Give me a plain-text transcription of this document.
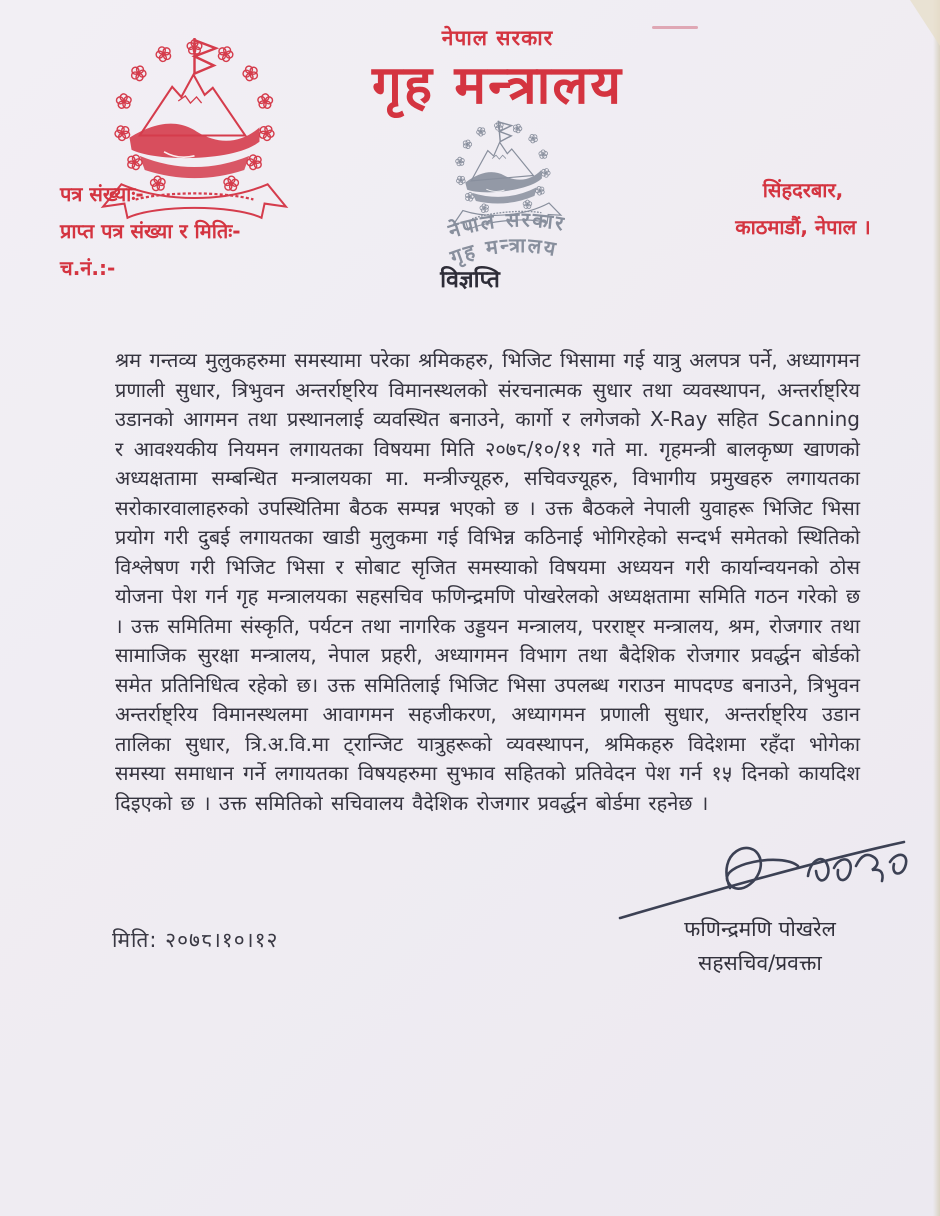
नेपाल सरकार
गृह मन्त्रालय
नेपाल सरकार
गृह मन्त्रालय
पत्र संख्याः-
प्राप्त पत्र संख्या र मितिः-
च.नं.:-
सिंहदरबार,
काठमाडौं, नेपाल ।
विज्ञप्ति

श्रम गन्तव्य मुलुकहरुमा समस्यामा परेका श्रमिकहरु, भिजिट भिसामा गई यात्रु अलपत्र पर्ने, अध्यागमन प्रणाली सुधार, त्रिभुवन अन्तर्राष्ट्रिय विमानस्थलको संरचनात्मक सुधार तथा व्यवस्थापन, अन्तर्राष्ट्रिय उडानको आगमन तथा प्रस्थानलाई व्यवस्थित बनाउने, कार्गो र लगेजको X-Ray सहित Scanning र आवश्यकीय नियमन लगायतका विषयमा मिति २०७८/१०/११ गते मा. गृहमन्त्री बालकृष्ण खाणको अध्यक्षतामा सम्बन्धित मन्त्रालयका मा. मन्त्रीज्यूहरु, सचिवज्यूहरु, विभागीय प्रमुखहरु लगायतका सरोकारवालाहरुको उपस्थितिमा बैठक सम्पन्न भएको छ । उक्त बैठकले नेपाली युवाहरू भिजिट भिसा प्रयोग गरी दुबई लगायतका खाडी मुलुकमा गई विभिन्न कठिनाई भोगिरहेको सन्दर्भ समेतको स्थितिको विश्लेषण गरी भिजिट भिसा र सोबाट सृजित समस्याको विषयमा अध्ययन गरी कार्यान्वयनको ठोस योजना पेश गर्न गृह मन्त्रालयका सहसचिव फणिन्द्रमणि पोखरेलको अध्यक्षतामा समिति गठन गरेको छ । उक्त समितिमा संस्कृति, पर्यटन तथा नागरिक उड्डयन मन्त्रालय, परराष्ट्र मन्त्रालय, श्रम, रोजगार तथा सामाजिक सुरक्षा मन्त्रालय, नेपाल प्रहरी, अध्यागमन विभाग तथा बैदेशिक रोजगार प्रवर्द्धन बोर्डको समेत प्रतिनिधित्व रहेको छ। उक्त समितिलाई भिजिट भिसा उपलब्ध गराउन मापदण्ड बनाउने, त्रिभुवन अन्तर्राष्ट्रिय विमानस्थलमा आवागमन सहजीकरण, अध्यागमन प्रणाली सुधार, अन्तर्राष्ट्रिय उडान तालिका सुधार, त्रि.अ.वि.मा ट्रान्जिट यात्रुहरूको व्यवस्थापन, श्रमिकहरु विदेशमा रहँदा भोगेका समस्या समाधान गर्ने लगायतका विषयहरुमा सुझाव सहितको प्रतिवेदन पेश गर्न १५ दिनको कायदिश दिइएको छ । उक्त समितिको सचिवालय वैदेशिक रोजगार प्रवर्द्धन बोर्डमा रहनेछ ।

मिति: २०७८।१०।१२	फणिन्द्रमणि पोखरेल
सहसचिव/प्रवक्ता
